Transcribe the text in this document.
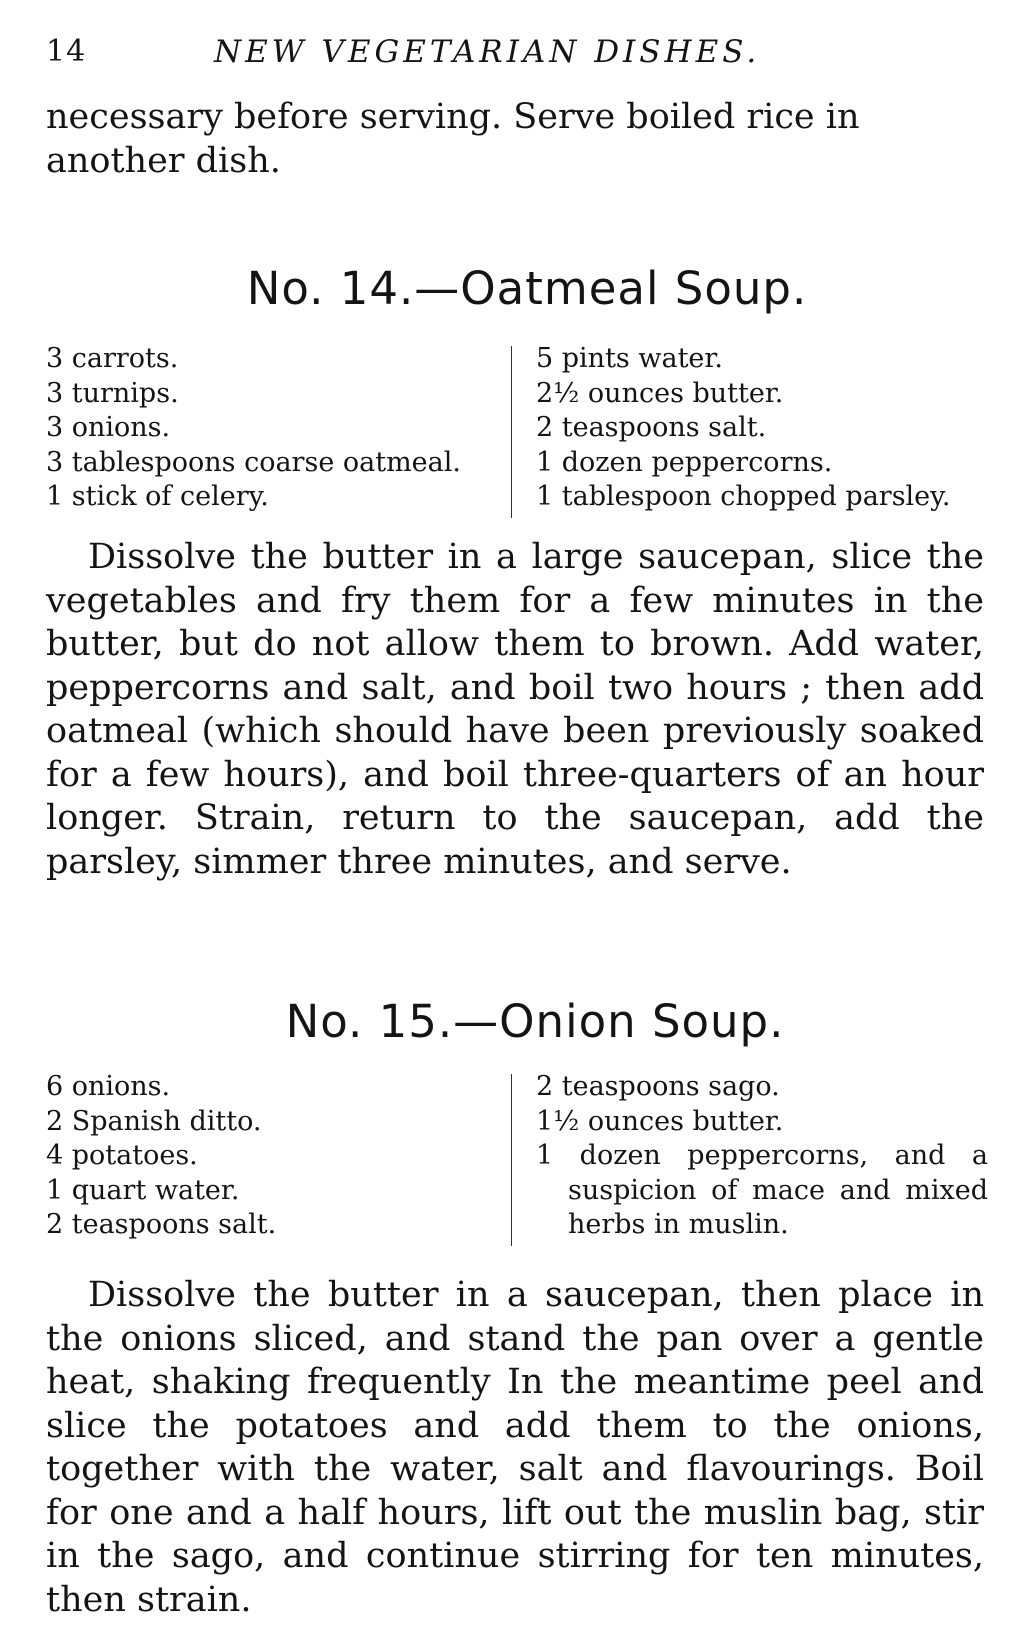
14	NEW VEGETARIAN DISHES.

necessary before serving. Serve boiled rice in another dish.

No. 14.—Oatmeal Soup.
3 carrots.
3 turnips.
3 onions.
3 tablespoons coarse oatmeal.
1 stick of celery.
5 pints water.
2½ ounces butter.
2 teaspoons salt.
1 dozen peppercorns.
1 tablespoon chopped parsley.

Dissolve the butter in a large saucepan, slice the vegetables and fry them for a few minutes in the butter, but do not allow them to brown. Add water, peppercorns and salt, and boil two hours ; then add oatmeal (which should have been previously soaked for a few hours), and boil three-quarters of an hour longer. Strain, return to the saucepan, add the parsley, simmer three minutes, and serve.

No. 15.—Onion Soup.
6 onions.
2 Spanish ditto.
4 potatoes.
1 quart water.
2 teaspoons salt.
2 teaspoons sago.
1½ ounces butter.
1 dozen peppercorns, and a suspicion of mace and mixed herbs in muslin.

Dissolve the butter in a saucepan, then place in the onions sliced, and stand the pan over a gentle heat, shaking frequently In the meantime peel and slice the potatoes and add them to the onions, together with the water, salt and flavourings. Boil for one and a half hours, lift out the muslin bag, stir in the sago, and continue stirring for ten minutes, then strain.
